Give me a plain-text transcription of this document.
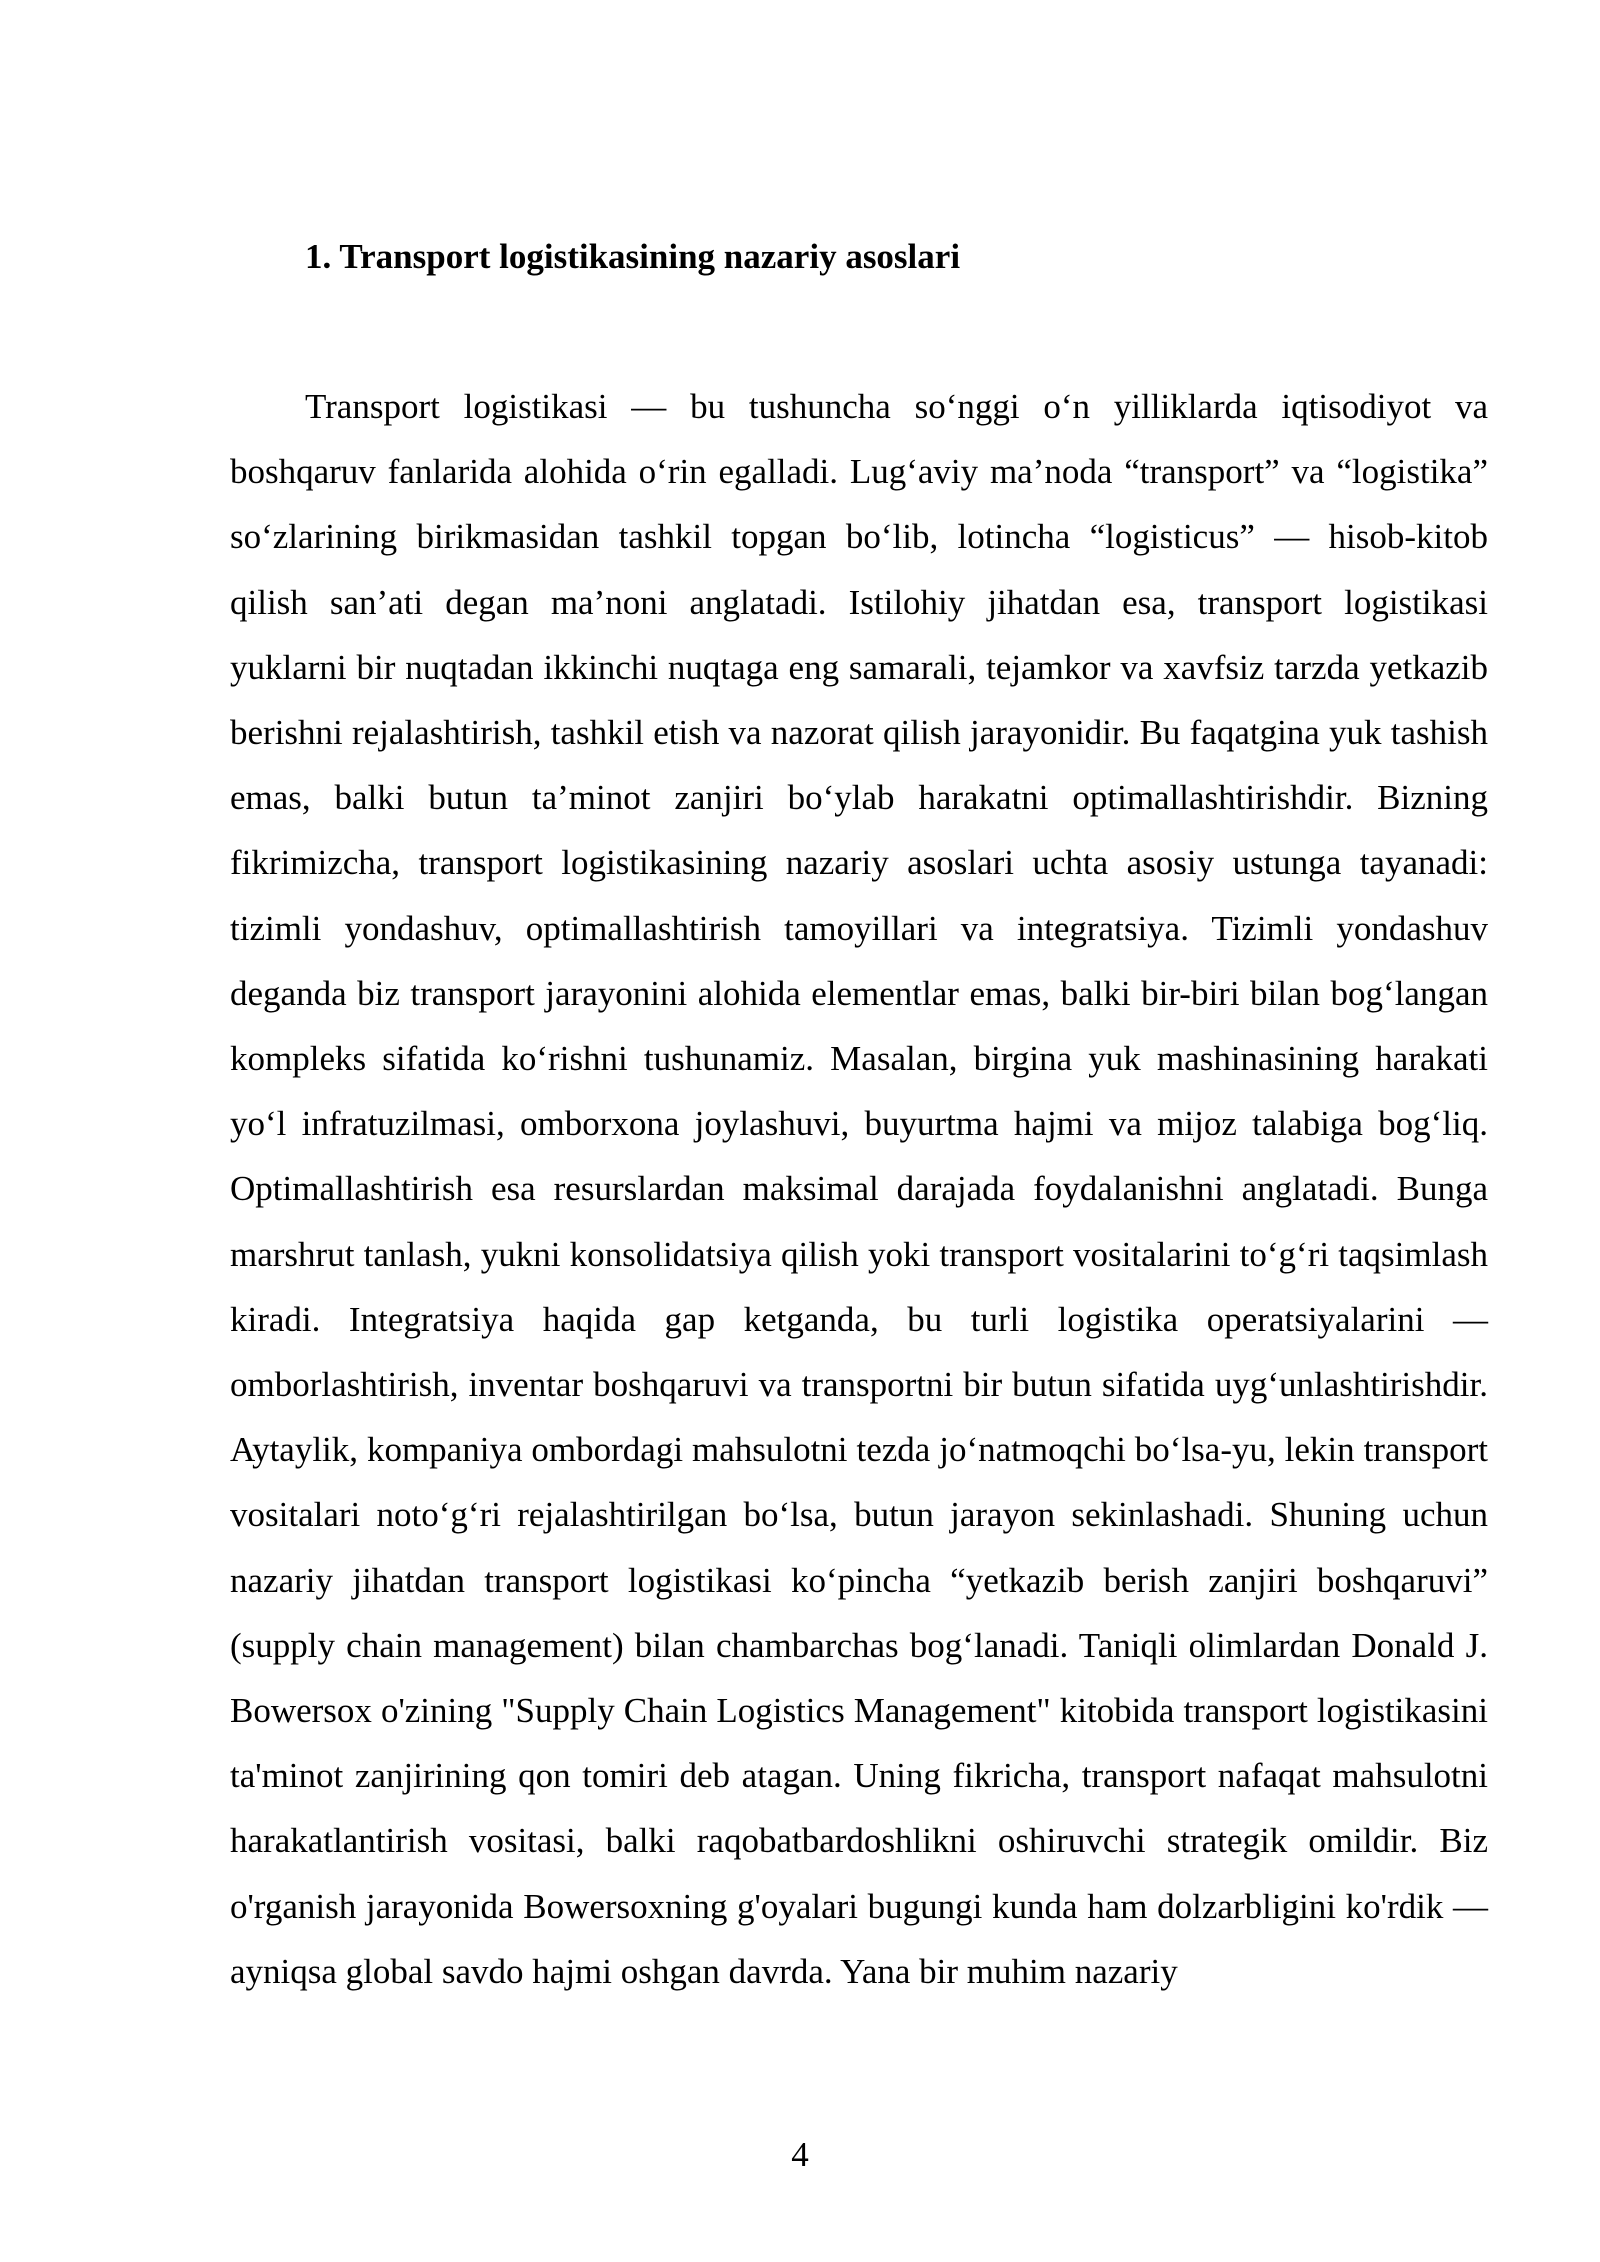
1. Transport logistikasining nazariy asoslari

Transport logistikasi — bu tushuncha so‘nggi o‘n yilliklarda iqtisodiyot va boshqaruv fanlarida alohida o‘rin egalladi. Lug‘aviy ma’noda “transport” va “logistika” so‘zlarining birikmasidan tashkil topgan bo‘lib, lotincha “logisticus” — hisob-kitob qilish san’ati degan ma’noni anglatadi. Istilohiy jihatdan esa, transport logistikasi yuklarni bir nuqtadan ikkinchi nuqtaga eng samarali, tejamkor va xavfsiz tarzda yetkazib berishni rejalashtirish, tashkil etish va nazorat qilish jarayonidir. Bu faqatgina yuk tashish emas, balki butun ta’minot zanjiri bo‘ylab harakatni optimallashtirishdir. Bizning fikrimizcha, transport logistikasining nazariy asoslari uchta asosiy ustunga tayanadi: tizimli yondashuv, optimallashtirish tamoyillari va integratsiya. Tizimli yondashuv deganda biz transport jarayonini alohida elementlar emas, balki bir-biri bilan bog‘langan kompleks sifatida ko‘rishni tushunamiz. Masalan, birgina yuk mashinasining harakati yo‘l infratuzilmasi, omborxona joylashuvi, buyurtma hajmi va mijoz talabiga bog‘liq. Optimallashtirish esa resurslardan maksimal darajada foydalanishni anglatadi. Bunga marshrut tanlash, yukni konsolidatsiya qilish yoki transport vositalarini to‘g‘ri taqsimlash kiradi. Integratsiya haqida gap ketganda, bu turli logistika operatsiyalarini — omborlashtirish, inventar boshqaruvi va transportni bir butun sifatida uyg‘unlashtirishdir. Aytaylik, kompaniya ombordagi mahsulotni tezda jo‘natmoqchi bo‘lsa-yu, lekin transport vositalari noto‘g‘ri rejalashtirilgan bo‘lsa, butun jarayon sekinlashadi. Shuning uchun nazariy jihatdan transport logistikasi ko‘pincha “yetkazib berish zanjiri boshqaruvi” (supply chain management) bilan chambarchas bog‘lanadi. Taniqli olimlardan Donald J. Bowersox o'zining "Supply Chain Logistics Management" kitobida transport logistikasini ta'minot zanjirining qon tomiri deb atagan. Uning fikricha, transport nafaqat mahsulotni harakatlantirish vositasi, balki raqobatbardoshlikni oshiruvchi strategik omildir. Biz o'rganish jarayonida Bowersoxning g'oyalari bugungi kunda ham dolzarbligini ko'rdik — ayniqsa global savdo hajmi oshgan davrda. Yana bir muhim nazariy

4
